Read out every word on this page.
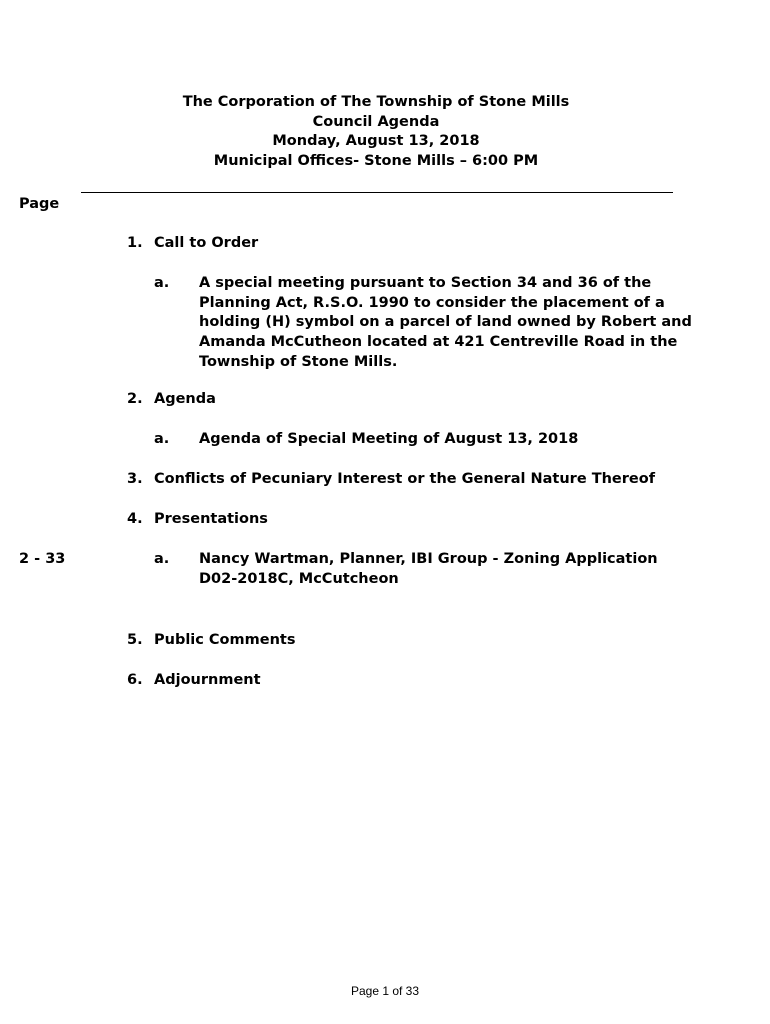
The Corporation of The Township of Stone Mills
Council Agenda
Monday, August 13, 2018
Municipal Offices- Stone Mills – 6:00 PM
Page
1. Call to Order
a. A special meeting pursuant to Section 34 and 36 of the
Planning Act, R.S.O. 1990 to consider the placement of a
holding (H) symbol on a parcel of land owned by Robert and
Amanda McCutheon located at 421 Centreville Road in the
Township of Stone Mills.
2. Agenda
a. Agenda of Special Meeting of August 13, 2018
3. Conflicts of Pecuniary Interest or the General Nature Thereof
4. Presentations
2 - 33	a. Nancy Wartman, Planner, IBI Group - Zoning Application
D02-2018C, McCutcheon
5. Public Comments
6. Adjournment
Page 1 of 33
